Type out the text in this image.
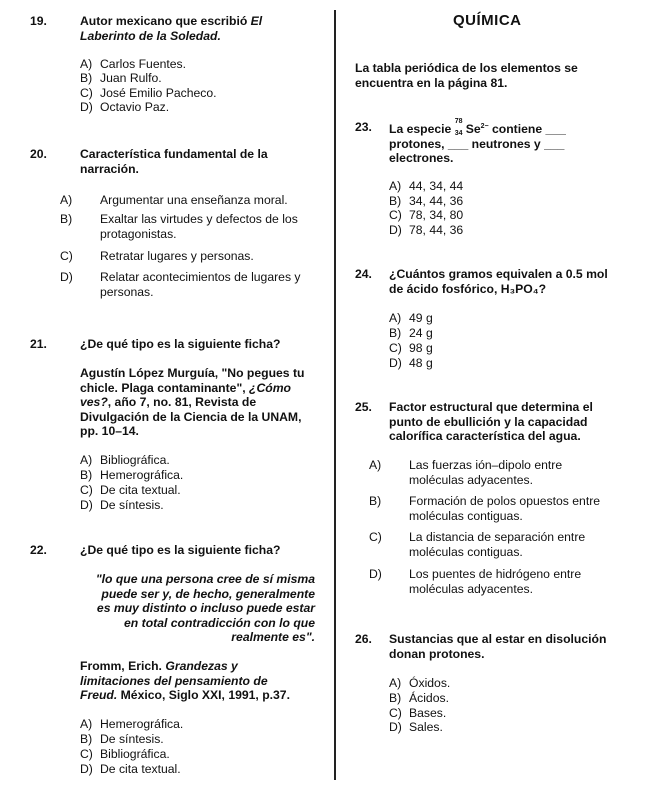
19.	Autor mexicano que escribió El
Laberinto de la Soledad.
A) Carlos Fuentes.
B) Juan Rulfo.
C) José Emilio Pacheco.
D) Octavio Paz.
20.	Característica fundamental de la
narración.
A) Argumentar una enseñanza moral.
B) Exaltar las virtudes y defectos de los protagonistas.
C) Retratar lugares y personas.
D) Relatar acontecimientos de lugares y personas.
21.	¿De qué tipo es la siguiente ficha?
Agustín López Murguía, "No pegues tu
chicle. Plaga contaminante", ¿Cómo
ves?, año 7, no. 81, Revista de
Divulgación de la Ciencia de la UNAM,
pp. 10–14.
A) Bibliográfica.
B) Hemerográfica.
C) De cita textual.
D) De síntesis.
22.	¿De qué tipo es la siguiente ficha?
"lo que una persona cree de sí misma
puede ser y, de hecho, generalmente
es muy distinto o incluso puede estar
en total contradicción con lo que
realmente es".
Fromm, Erich. Grandezas y
limitaciones del pensamiento de
Freud. México, Siglo XXI, 1991, p.37.
A) Hemerográfica.
B) De síntesis.
C) Bibliográfica.
D) De cita textual.
QUÍMICA
La tabla periódica de los elementos se
encuentra en la página 81.
23.	La especie
78
34 $Se^{2-}$ contiene ___
protones, ___ neutrones y ___
electrones.
A) 44, 34, 44
B) 34, 44, 36
C) 78, 34, 80
D) 78, 44, 36
24.	¿Cuántos gramos equivalen a 0.5 mol
de ácido fosfórico, H₃PO₄?
A) 49 g
B) 24 g
C) 98 g
D) 48 g
25.	Factor estructural que determina el
punto de ebullición y la capacidad
calorífica característica del agua.
A) Las fuerzas ión–dipolo entre moléculas adyacentes.
B) Formación de polos opuestos entre moléculas contiguas.
C) La distancia de separación entre moléculas contiguas.
D) Los puentes de hidrógeno entre moléculas adyacentes.
26.	Sustancias que al estar en disolución
donan protones.
A) Óxidos.
B) Ácidos.
C) Bases.
D) Sales.
